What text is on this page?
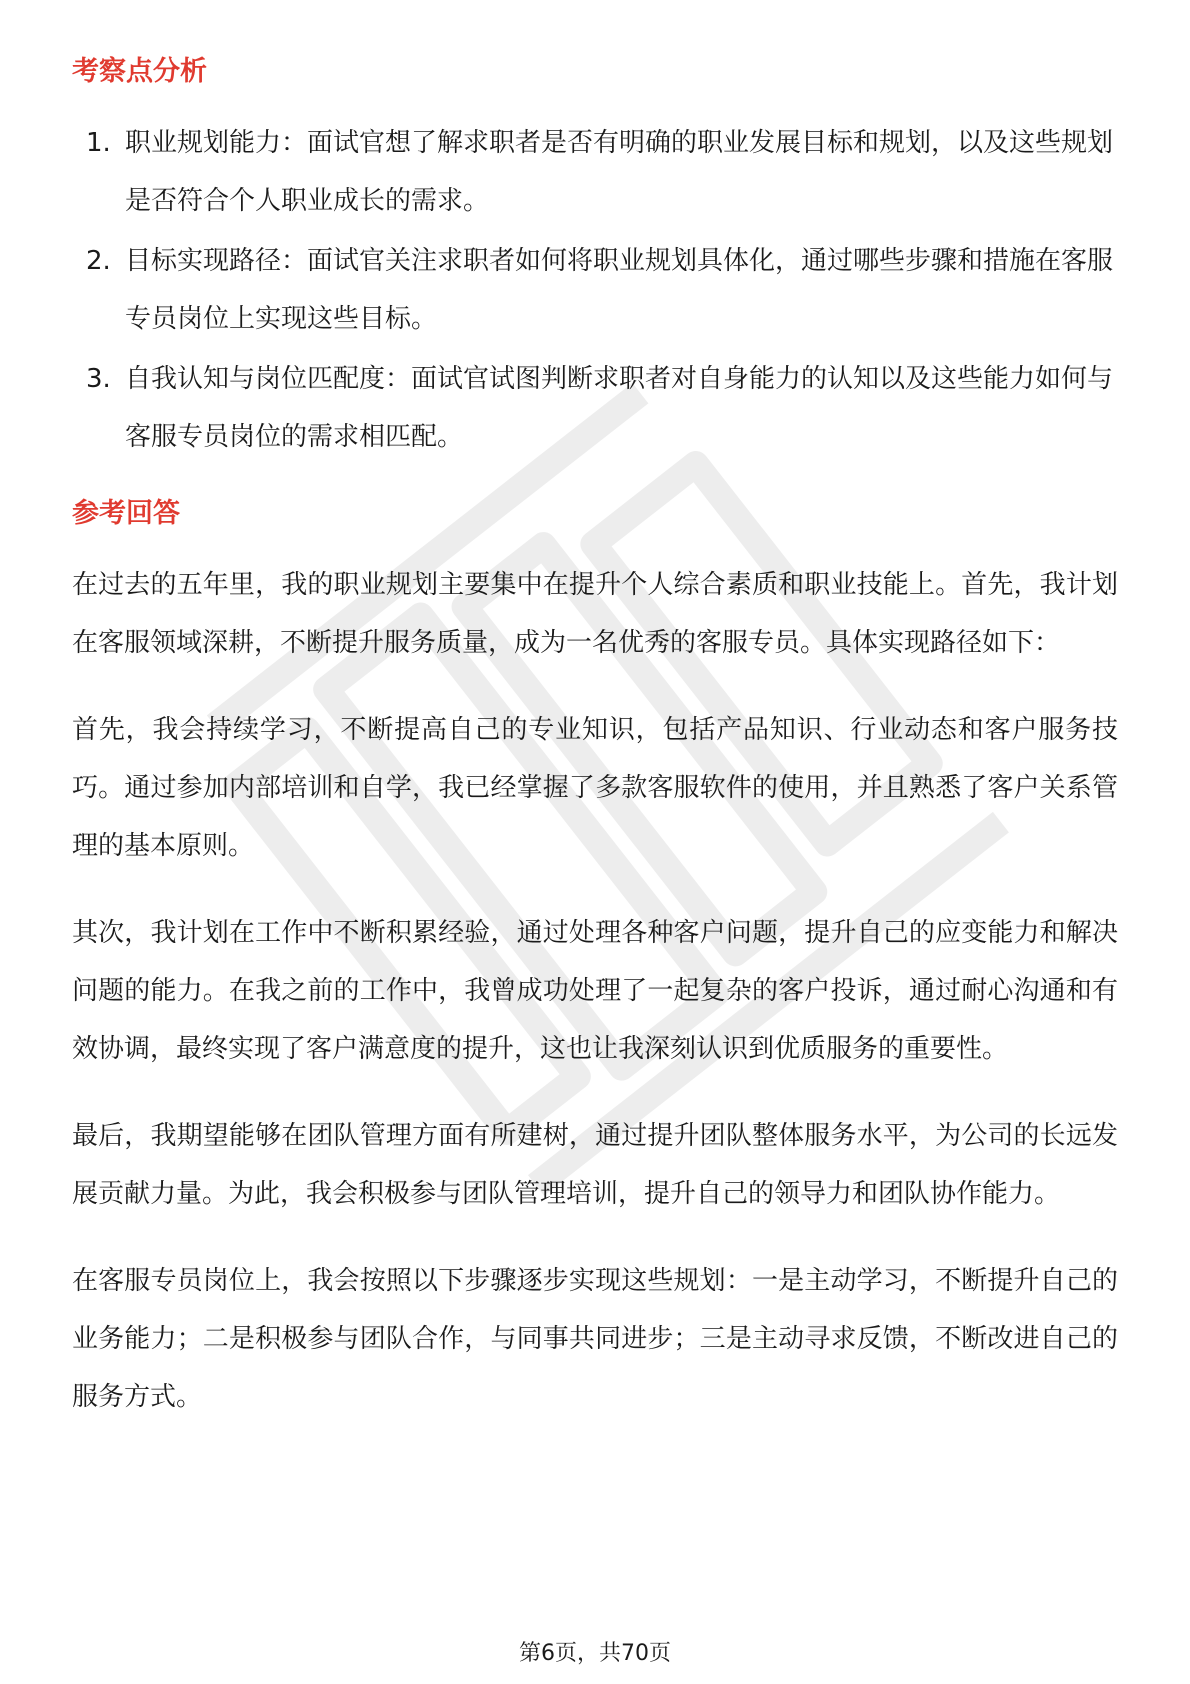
考察点分析
1. 职业规划能力：面试官想了解求职者是否有明确的职业发展目标和规划，以及这些规划是否符合个人职业成长的需求。
2. 目标实现路径：面试官关注求职者如何将职业规划具体化，通过哪些步骤和措施在客服专员岗位上实现这些目标。
3. 自我认知与岗位匹配度：面试官试图判断求职者对自身能力的认知以及这些能力如何与客服专员岗位的需求相匹配。
参考回答

在过去的五年里，我的职业规划主要集中在提升个人综合素质和职业技能上。首先，我计划在客服领域深耕，不断提升服务质量，成为一名优秀的客服专员。具体实现路径如下：

首先，我会持续学习，不断提高自己的专业知识，包括产品知识、行业动态和客户服务技巧。通过参加内部培训和自学，我已经掌握了多款客服软件的使用，并且熟悉了客户关系管理的基本原则。

其次，我计划在工作中不断积累经验，通过处理各种客户问题，提升自己的应变能力和解决问题的能力。在我之前的工作中，我曾成功处理了一起复杂的客户投诉，通过耐心沟通和有效协调，最终实现了客户满意度的提升，这也让我深刻认识到优质服务的重要性。

最后，我期望能够在团队管理方面有所建树，通过提升团队整体服务水平，为公司的长远发展贡献力量。为此，我会积极参与团队管理培训，提升自己的领导力和团队协作能力。

在客服专员岗位上，我会按照以下步骤逐步实现这些规划：一是主动学习，不断提升自己的业务能力；二是积极参与团队合作，与同事共同进步；三是主动寻求反馈，不断改进自己的服务方式。

第6页，共70页
